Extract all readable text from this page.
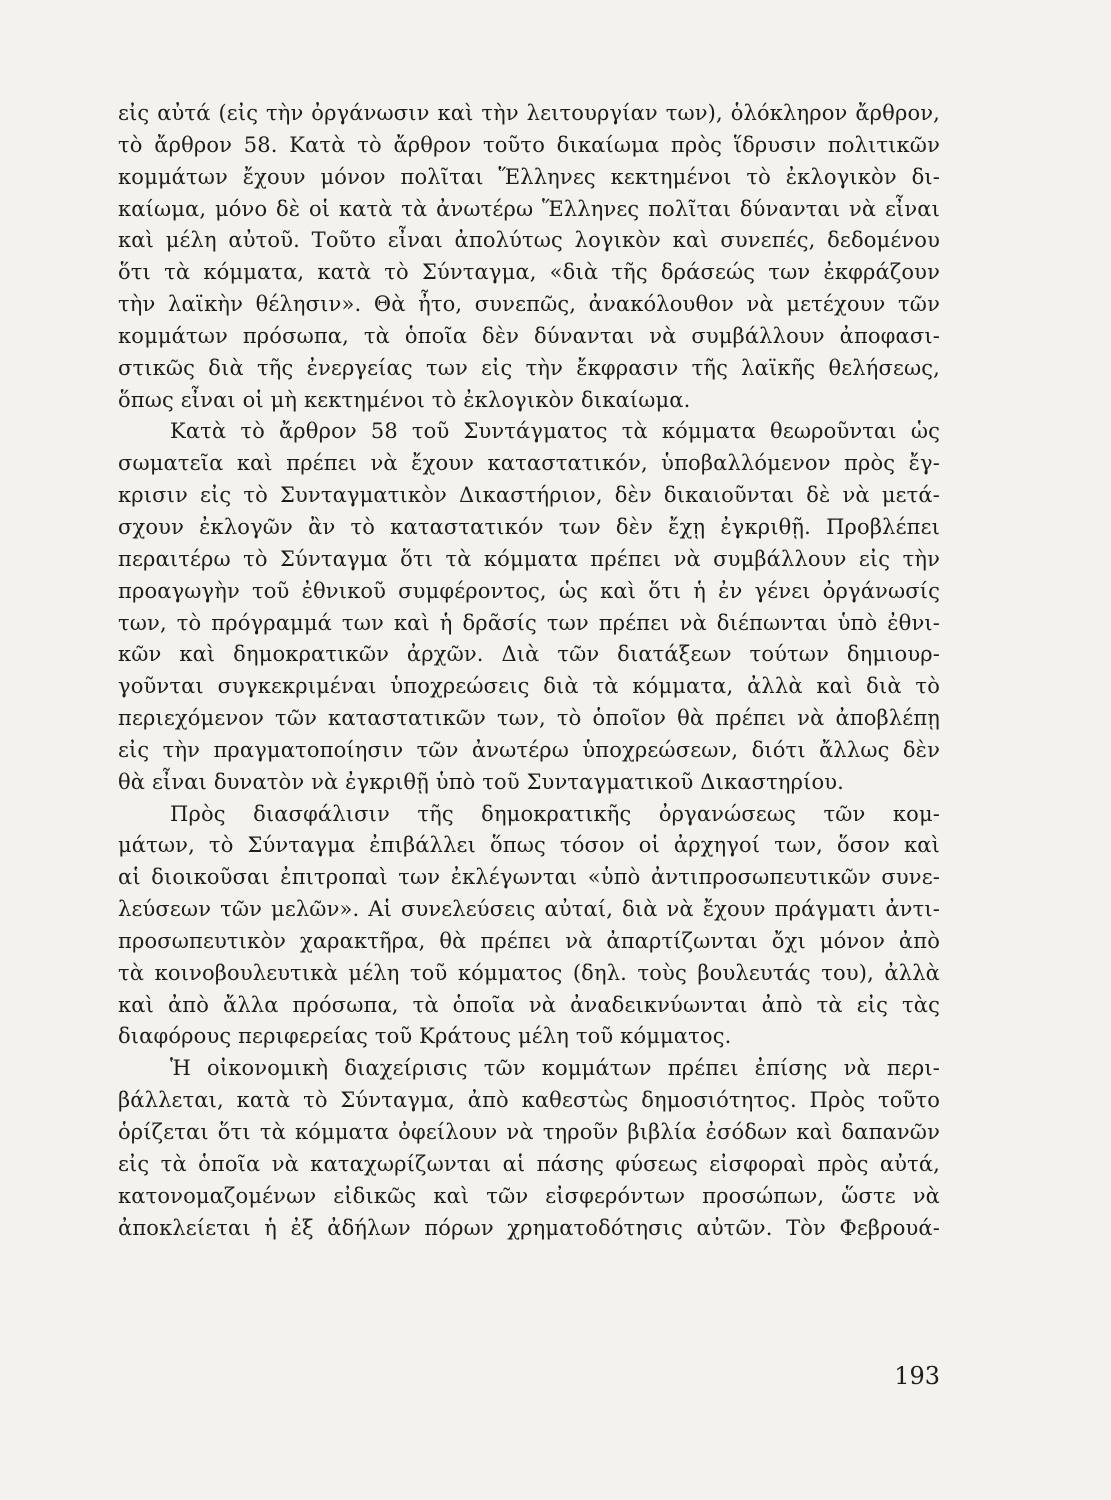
εἰς αὐτά (εἰς τὴν ὀργάνωσιν καὶ τὴν λειτουργίαν των), ὁλόκληρον ἄρθρον,
τὸ ἄρθρον 58. Κατὰ τὸ ἄρθρον τοῦτο δικαίωμα πρὸς ἵδρυσιν πολιτικῶν
κομμάτων ἔχουν μόνον πολῖται Ἕλληνες κεκτημένοι τὸ ἐκλογικὸν δι-
καίωμα, μόνο δὲ οἱ κατὰ τὰ ἀνωτέρω Ἕλληνες πολῖται δύνανται νὰ εἶναι
καὶ μέλη αὐτοῦ. Τοῦτο εἶναι ἀπολύτως λογικὸν καὶ συνεπές, δεδομένου
ὅτι τὰ κόμματα, κατὰ τὸ Σύνταγμα, «διὰ τῆς δράσεώς των ἐκφράζουν
τὴν λαϊκὴν θέλησιν». Θὰ ἦτο, συνεπῶς, ἀνακόλουθον νὰ μετέχουν τῶν
κομμάτων πρόσωπα, τὰ ὁποῖα δὲν δύνανται νὰ συμβάλλουν ἀποφασι-
στικῶς διὰ τῆς ἐνεργείας των εἰς τὴν ἔκφρασιν τῆς λαϊκῆς θελήσεως,
ὅπως εἶναι οἱ μὴ κεκτημένοι τὸ ἐκλογικὸν δικαίωμα.
Κατὰ τὸ ἄρθρον 58 τοῦ Συντάγματος τὰ κόμματα θεωροῦνται ὡς
σωματεῖα καὶ πρέπει νὰ ἔχουν καταστατικόν, ὑποβαλλόμενον πρὸς ἔγ-
κρισιν εἰς τὸ Συνταγματικὸν Δικαστήριον, δὲν δικαιοῦνται δὲ νὰ μετά-
σχουν ἐκλογῶν ἂν τὸ καταστατικόν των δὲν ἔχῃ ἐγκριθῇ. Προβλέπει
περαιτέρω τὸ Σύνταγμα ὅτι τὰ κόμματα πρέπει νὰ συμβάλλουν εἰς τὴν
προαγωγὴν τοῦ ἐθνικοῦ συμφέροντος, ὡς καὶ ὅτι ἡ ἐν γένει ὀργάνωσίς
των, τὸ πρόγραμμά των καὶ ἡ δρᾶσίς των πρέπει νὰ διέπωνται ὑπὸ ἐθνι-
κῶν καὶ δημοκρατικῶν ἀρχῶν. Διὰ τῶν διατάξεων τούτων δημιουρ-
γοῦνται συγκεκριμέναι ὑποχρεώσεις διὰ τὰ κόμματα, ἀλλὰ καὶ διὰ τὸ
περιεχόμενον τῶν καταστατικῶν των, τὸ ὁποῖον θὰ πρέπει νὰ ἀποβλέπῃ
εἰς τὴν πραγματοποίησιν τῶν ἀνωτέρω ὑποχρεώσεων, διότι ἄλλως δὲν
θὰ εἶναι δυνατὸν νὰ ἐγκριθῇ ὑπὸ τοῦ Συνταγματικοῦ Δικαστηρίου.
Πρὸς διασφάλισιν τῆς δημοκρατικῆς ὀργανώσεως τῶν κομ-
μάτων, τὸ Σύνταγμα ἐπιβάλλει ὅπως τόσον οἱ ἀρχηγοί των, ὅσον καὶ
αἱ διοικοῦσαι ἐπιτροπαὶ των ἐκλέγωνται «ὑπὸ ἀντιπροσωπευτικῶν συνε-
λεύσεων τῶν μελῶν». Αἱ συνελεύσεις αὐταί, διὰ νὰ ἔχουν πράγματι ἀντι-
προσωπευτικὸν χαρακτῆρα, θὰ πρέπει νὰ ἀπαρτίζωνται ὄχι μόνον ἀπὸ
τὰ κοινοβουλευτικὰ μέλη τοῦ κόμματος (δηλ. τοὺς βουλευτάς του), ἀλλὰ
καὶ ἀπὸ ἄλλα πρόσωπα, τὰ ὁποῖα νὰ ἀναδεικνύωνται ἀπὸ τὰ εἰς τὰς
διαφόρους περιφερείας τοῦ Κράτους μέλη τοῦ κόμματος.
Ἡ οἰκονομικὴ διαχείρισις τῶν κομμάτων πρέπει ἐπίσης νὰ περι-
βάλλεται, κατὰ τὸ Σύνταγμα, ἀπὸ καθεστὼς δημοσιότητος. Πρὸς τοῦτο
ὁρίζεται ὅτι τὰ κόμματα ὀφείλουν νὰ τηροῦν βιβλία ἐσόδων καὶ δαπανῶν
εἰς τὰ ὁποῖα νὰ καταχωρίζωνται αἱ πάσης φύσεως εἰσφοραὶ πρὸς αὐτά,
κατονομαζομένων εἰδικῶς καὶ τῶν εἰσφερόντων προσώπων, ὥστε νὰ
ἀποκλείεται ἡ ἐξ ἀδήλων πόρων χρηματοδότησις αὐτῶν. Τὸν Φεβρουά-
193
